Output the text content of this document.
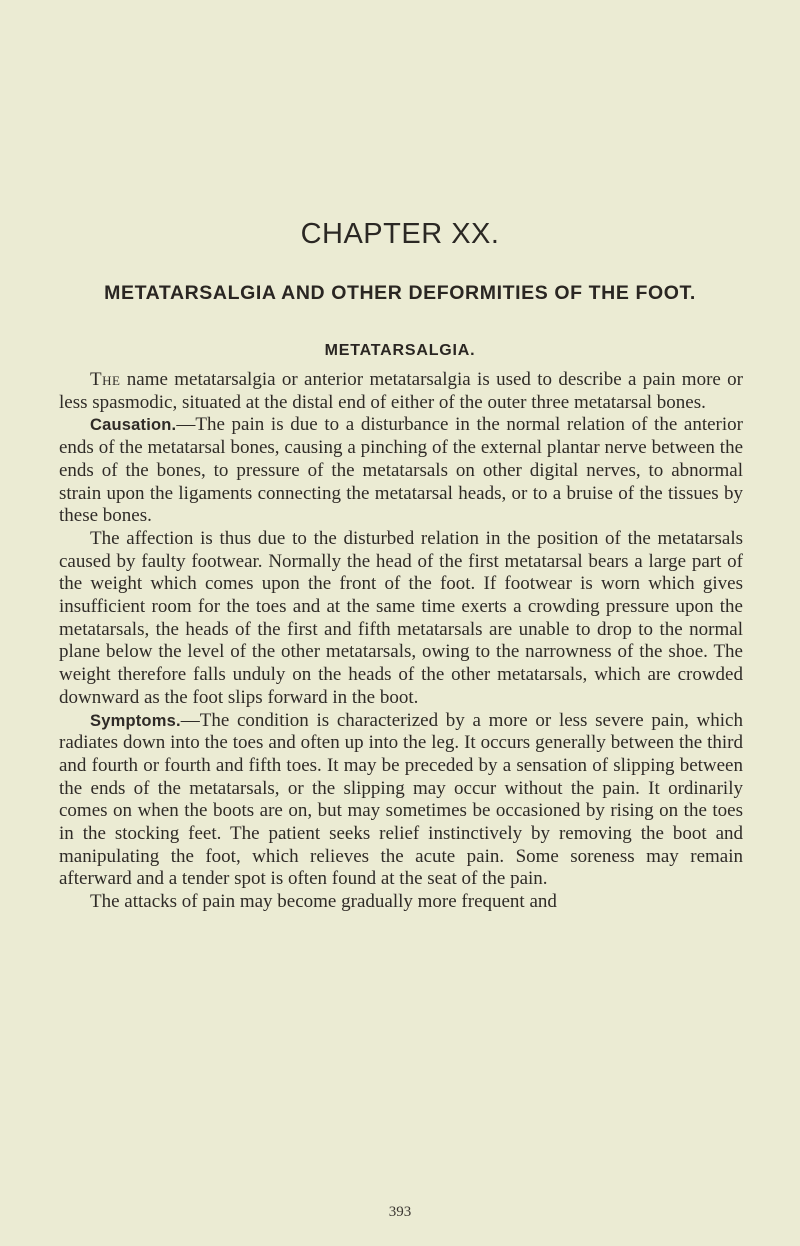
CHAPTER XX.
METATARSALGIA AND OTHER DEFORMITIES OF THE FOOT.
METATARSALGIA.

The name metatarsalgia or anterior metatarsalgia is used to describe a pain more or less spasmodic, situated at the distal end of either of the outer three metatarsal bones.

Causation.—The pain is due to a disturbance in the normal relation of the anterior ends of the metatarsal bones, causing a pinching of the external plantar nerve between the ends of the bones, to pressure of the metatarsals on other digital nerves, to abnormal strain upon the ligaments connecting the metatarsal heads, or to a bruise of the tissues by these bones.

The affection is thus due to the disturbed relation in the position of the metatarsals caused by faulty footwear. Normally the head of the first metatarsal bears a large part of the weight which comes upon the front of the foot. If footwear is worn which gives insufficient room for the toes and at the same time exerts a crowding pressure upon the metatarsals, the heads of the first and fifth metatarsals are unable to drop to the normal plane below the level of the other metatarsals, owing to the narrowness of the shoe. The weight therefore falls unduly on the heads of the other metatarsals, which are crowded downward as the foot slips forward in the boot.

Symptoms.—The condition is characterized by a more or less severe pain, which radiates down into the toes and often up into the leg. It occurs generally between the third and fourth or fourth and fifth toes. It may be preceded by a sensation of slipping between the ends of the metatarsals, or the slipping may occur without the pain. It ordinarily comes on when the boots are on, but may sometimes be occasioned by rising on the toes in the stocking feet. The patient seeks relief instinctively by removing the boot and manipulating the foot, which relieves the acute pain. Some soreness may remain afterward and a tender spot is often found at the seat of the pain.

The attacks of pain may become gradually more frequent and

393
